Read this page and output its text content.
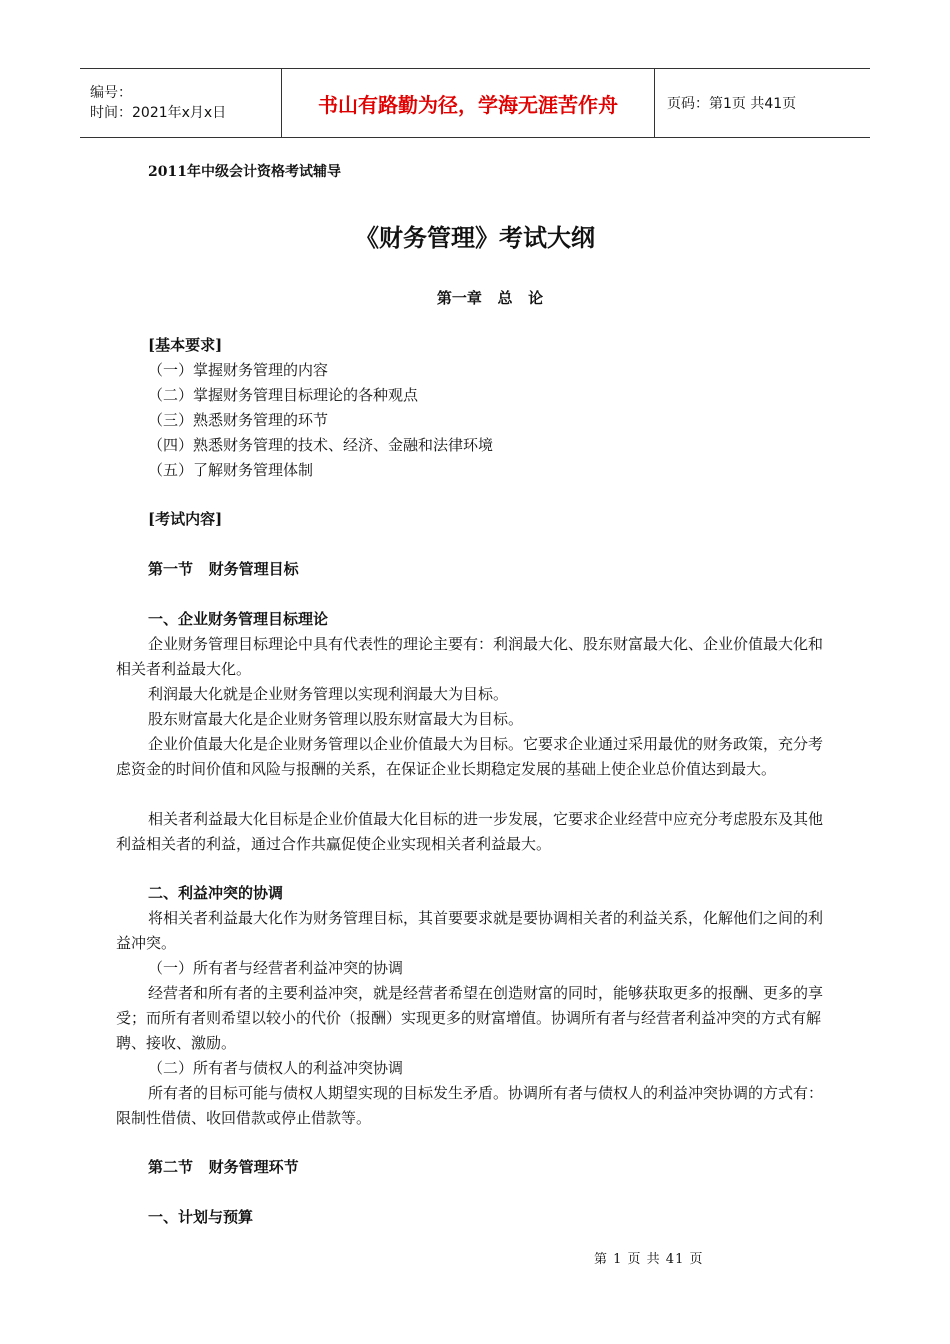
编号：
时间：2021年x月x日	书山有路勤为径，学海无涯苦作舟	页码：第1页 共41页
2011年中级会计资格考试辅导
《财务管理》考试大纲
第一章   总   论
[基本要求]
（一）掌握财务管理的内容
（二）掌握财务管理目标理论的各种观点
（三）熟悉财务管理的环节
（四）熟悉财务管理的技术、经济、金融和法律环境
（五）了解财务管理体制
[考试内容]
第一节   财务管理目标
一、企业财务管理目标理论
企业财务管理目标理论中具有代表性的理论主要有：利润最大化、股东财富最大化、企业价值最大化和相关者利益最大化。
利润最大化就是企业财务管理以实现利润最大为目标。
股东财富最大化是企业财务管理以股东财富最大为目标。
企业价值最大化是企业财务管理以企业价值最大为目标。它要求企业通过采用最优的财务政策，充分考虑资金的时间价值和风险与报酬的关系，在保证企业长期稳定发展的基础上使企业总价值达到最大。
相关者利益最大化目标是企业价值最大化目标的进一步发展，它要求企业经营中应充分考虑股东及其他利益相关者的利益，通过合作共赢促使企业实现相关者利益最大。
二、利益冲突的协调
将相关者利益最大化作为财务管理目标，其首要要求就是要协调相关者的利益关系，化解他们之间的利益冲突。
（一）所有者与经营者利益冲突的协调
经营者和所有者的主要利益冲突，就是经营者希望在创造财富的同时，能够获取更多的报酬、更多的享受；而所有者则希望以较小的代价（报酬）实现更多的财富增值。协调所有者与经营者利益冲突的方式有解聘、接收、激励。
（二）所有者与债权人的利益冲突协调
所有者的目标可能与债权人期望实现的目标发生矛盾。协调所有者与债权人的利益冲突协调的方式有：限制性借债、收回借款或停止借款等。
第二节   财务管理环节
一、计划与预算
第 1 页 共 41 页
